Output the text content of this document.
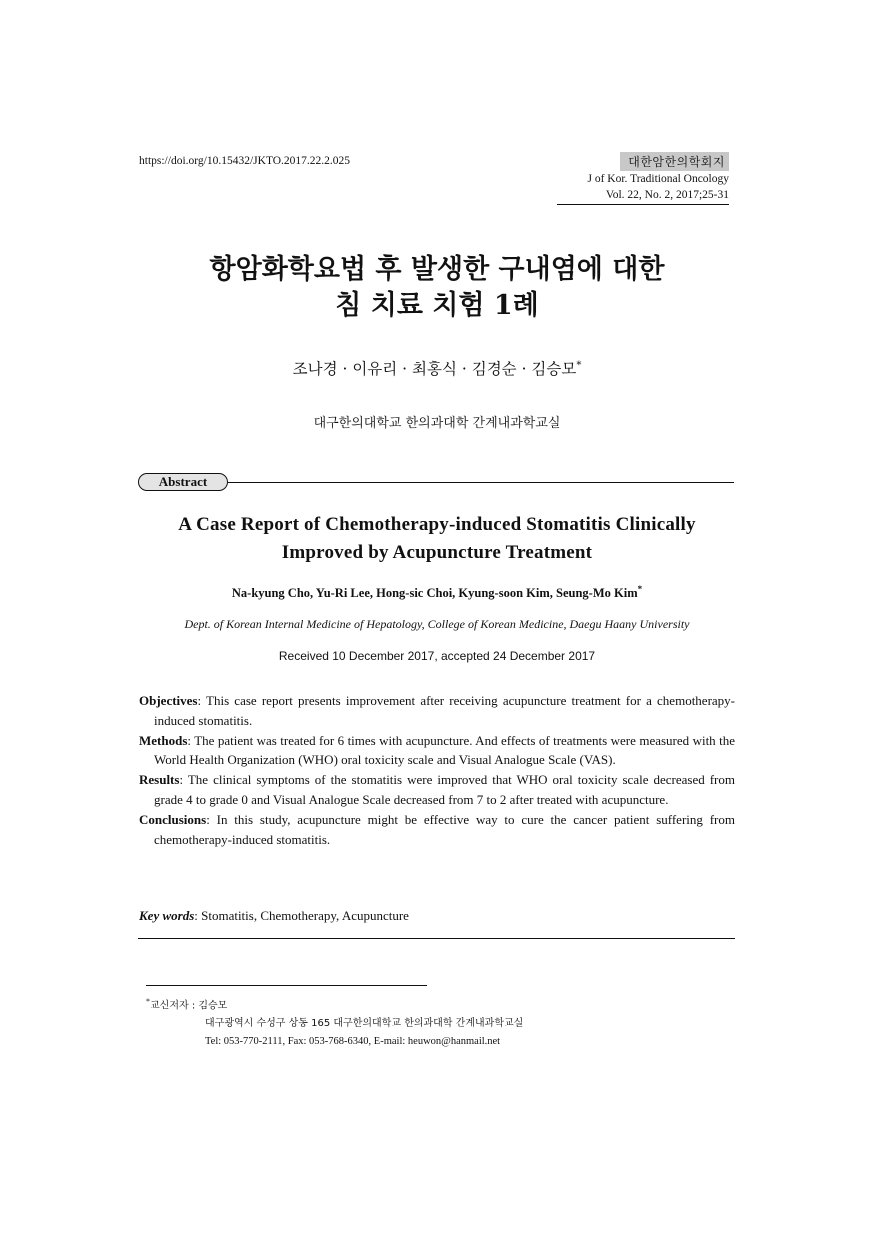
https://doi.org/10.15432/JKTO.2017.22.2.025	대한암한의학회지
J of Kor. Traditional Oncology
Vol. 22, No. 2, 2017;25-31
항암화학요법 후 발생한 구내염에 대한
침 치료 치험 1례
조나경 · 이유리 · 최홍식 · 김경순 · 김승모*
대구한의대학교 한의과대학 간계내과학교실
Abstract
A Case Report of Chemotherapy-induced Stomatitis Clinically
Improved by Acupuncture Treatment
Na-kyung Cho, Yu-Ri Lee, Hong-sic Choi, Kyung-soon Kim, Seung-Mo Kim*
Dept. of Korean Internal Medicine of Hepatology, College of Korean Medicine, Daegu Haany University
Received 10 December 2017, accepted 24 December 2017

Objectives: This case report presents improvement after receiving acupuncture treatment for a chemotherapy-induced stomatitis.

Methods: The patient was treated for 6 times with acupuncture. And effects of treatments were measured with the World Health Organization (WHO) oral toxicity scale and Visual Analogue Scale (VAS).

Results: The clinical symptoms of the stomatitis were improved that WHO oral toxicity scale decreased from grade 4 to grade 0 and Visual Analogue Scale decreased from 7 to 2 after treated with acupuncture.

Conclusions: In this study, acupuncture might be effective way to cure the cancer patient suffering from chemotherapy-induced stomatitis.

Key words: Stomatitis, Chemotherapy, Acupuncture
*교신저자 : 김승모
대구광역시 수성구 상동 165 대구한의대학교 한의과대학 간계내과학교실
Tel: 053-770-2111, Fax: 053-768-6340, E-mail: heuwon@hanmail.net
